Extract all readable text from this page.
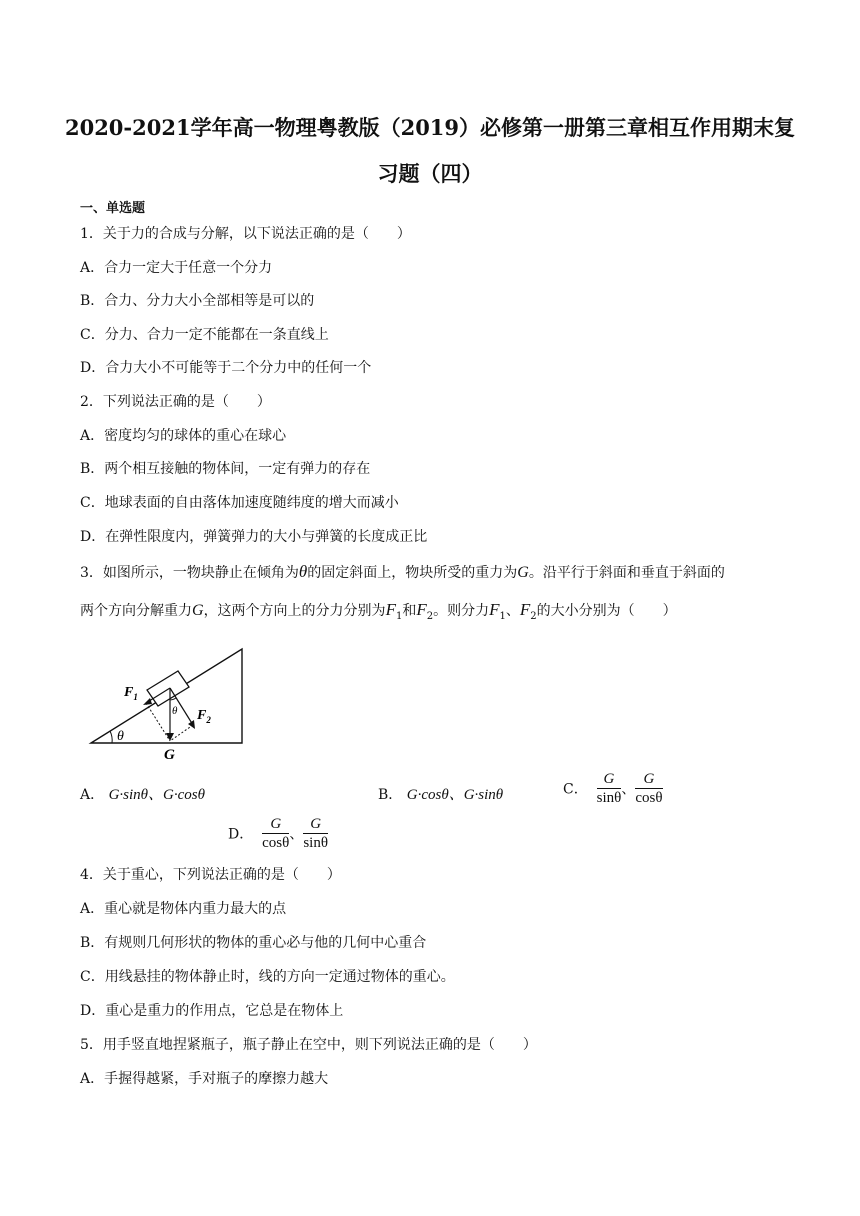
2020-2021学年高一物理粤教版（2019）必修第一册第三章相互作用期末复
习题（四）
一、单选题
1．关于力的合成与分解，以下说法正确的是（　　）
A．合力一定大于任意一个分力
B．合力、分力大小全部相等是可以的
C．分力、合力一定不能都在一条直线上
D．合力大小不可能等于二个分力中的任何一个
2．下列说法正确的是（　　）
A．密度均匀的球体的重心在球心
B．两个相互接触的物体间，一定有弹力的存在
C．地球表面的自由落体加速度随纬度的增大而减小
D．在弹性限度内，弹簧弹力的大小与弹簧的长度成正比
3．如图所示，一物块静止在倾角为θ的固定斜面上，物块所受的重力为G。沿平行于斜面和垂直于斜面的
两个方向分解重力G，这两个方向上的分力分别为$F_1$和$F_2$。则分力$F_1$、$F_2$的大小分别为（　　）
$F_1$
$F_2$
θ
θ
G
A． G·sinθ、G·cosθ	B． G·cosθ、G·sinθ	C． $\frac{G}{\sin\theta}$ 、 $\frac{G}{\cos\theta}$
D． $\frac{G}{\cos\theta}$ 、 $\frac{G}{\sin\theta}$
4．关于重心，下列说法正确的是（　　）
A．重心就是物体内重力最大的点
B．有规则几何形状的物体的重心必与他的几何中心重合
C．用线悬挂的物体静止时，线的方向一定通过物体的重心。
D．重心是重力的作用点，它总是在物体上
5．用手竖直地捏紧瓶子，瓶子静止在空中，则下列说法正确的是（　　）
A．手握得越紧，手对瓶子的摩擦力越大
